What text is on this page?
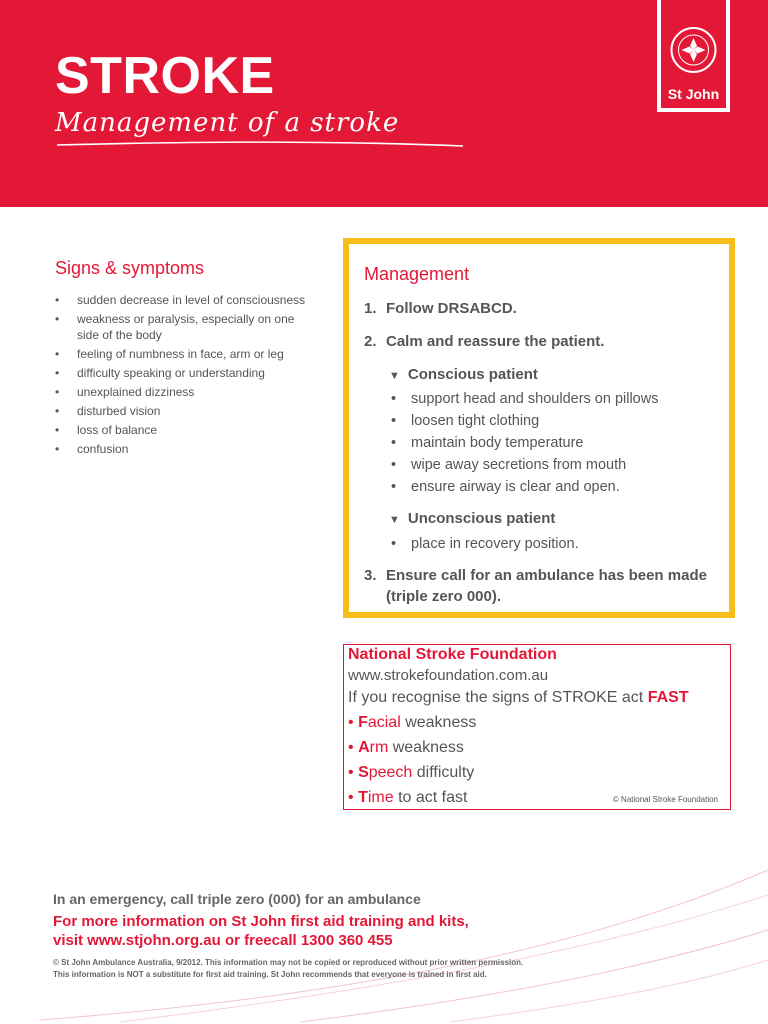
STROKE
Management of a stroke
St John
Signs & symptoms
• sudden decrease in level of consciousness
• weakness or paralysis, especially on one side of the body
• feeling of numbness in face, arm or leg
• difficulty speaking or understanding
• unexplained dizziness
• disturbed vision
• loss of balance
• confusion
Management
1. Follow DRSABCD.
2. Calm and reassure the patient.
▼ Conscious patient
• support head and shoulders on pillows
• loosen tight clothing
• maintain body temperature
• wipe away secretions from mouth
• ensure airway is clear and open.
▼ Unconscious patient
• place in recovery position.
3. Ensure call for an ambulance has been made (triple zero 000).
National Stroke Foundation
www.strokefoundation.com.au
If you recognise the signs of STROKE act FAST
• Facial weakness
• Arm weakness
• Speech difficulty
• Time to act fast	© National Stroke Foundation
In an emergency, call triple zero (000) for an ambulance
For more information on St John first aid training and kits,
visit www.stjohn.org.au or freecall 1300 360 455
© St John Ambulance Australia, 9/2012. This information may not be copied or reproduced without prior written permission.
This information is NOT a substitute for first aid training. St John recommends that everyone is trained in first aid.
